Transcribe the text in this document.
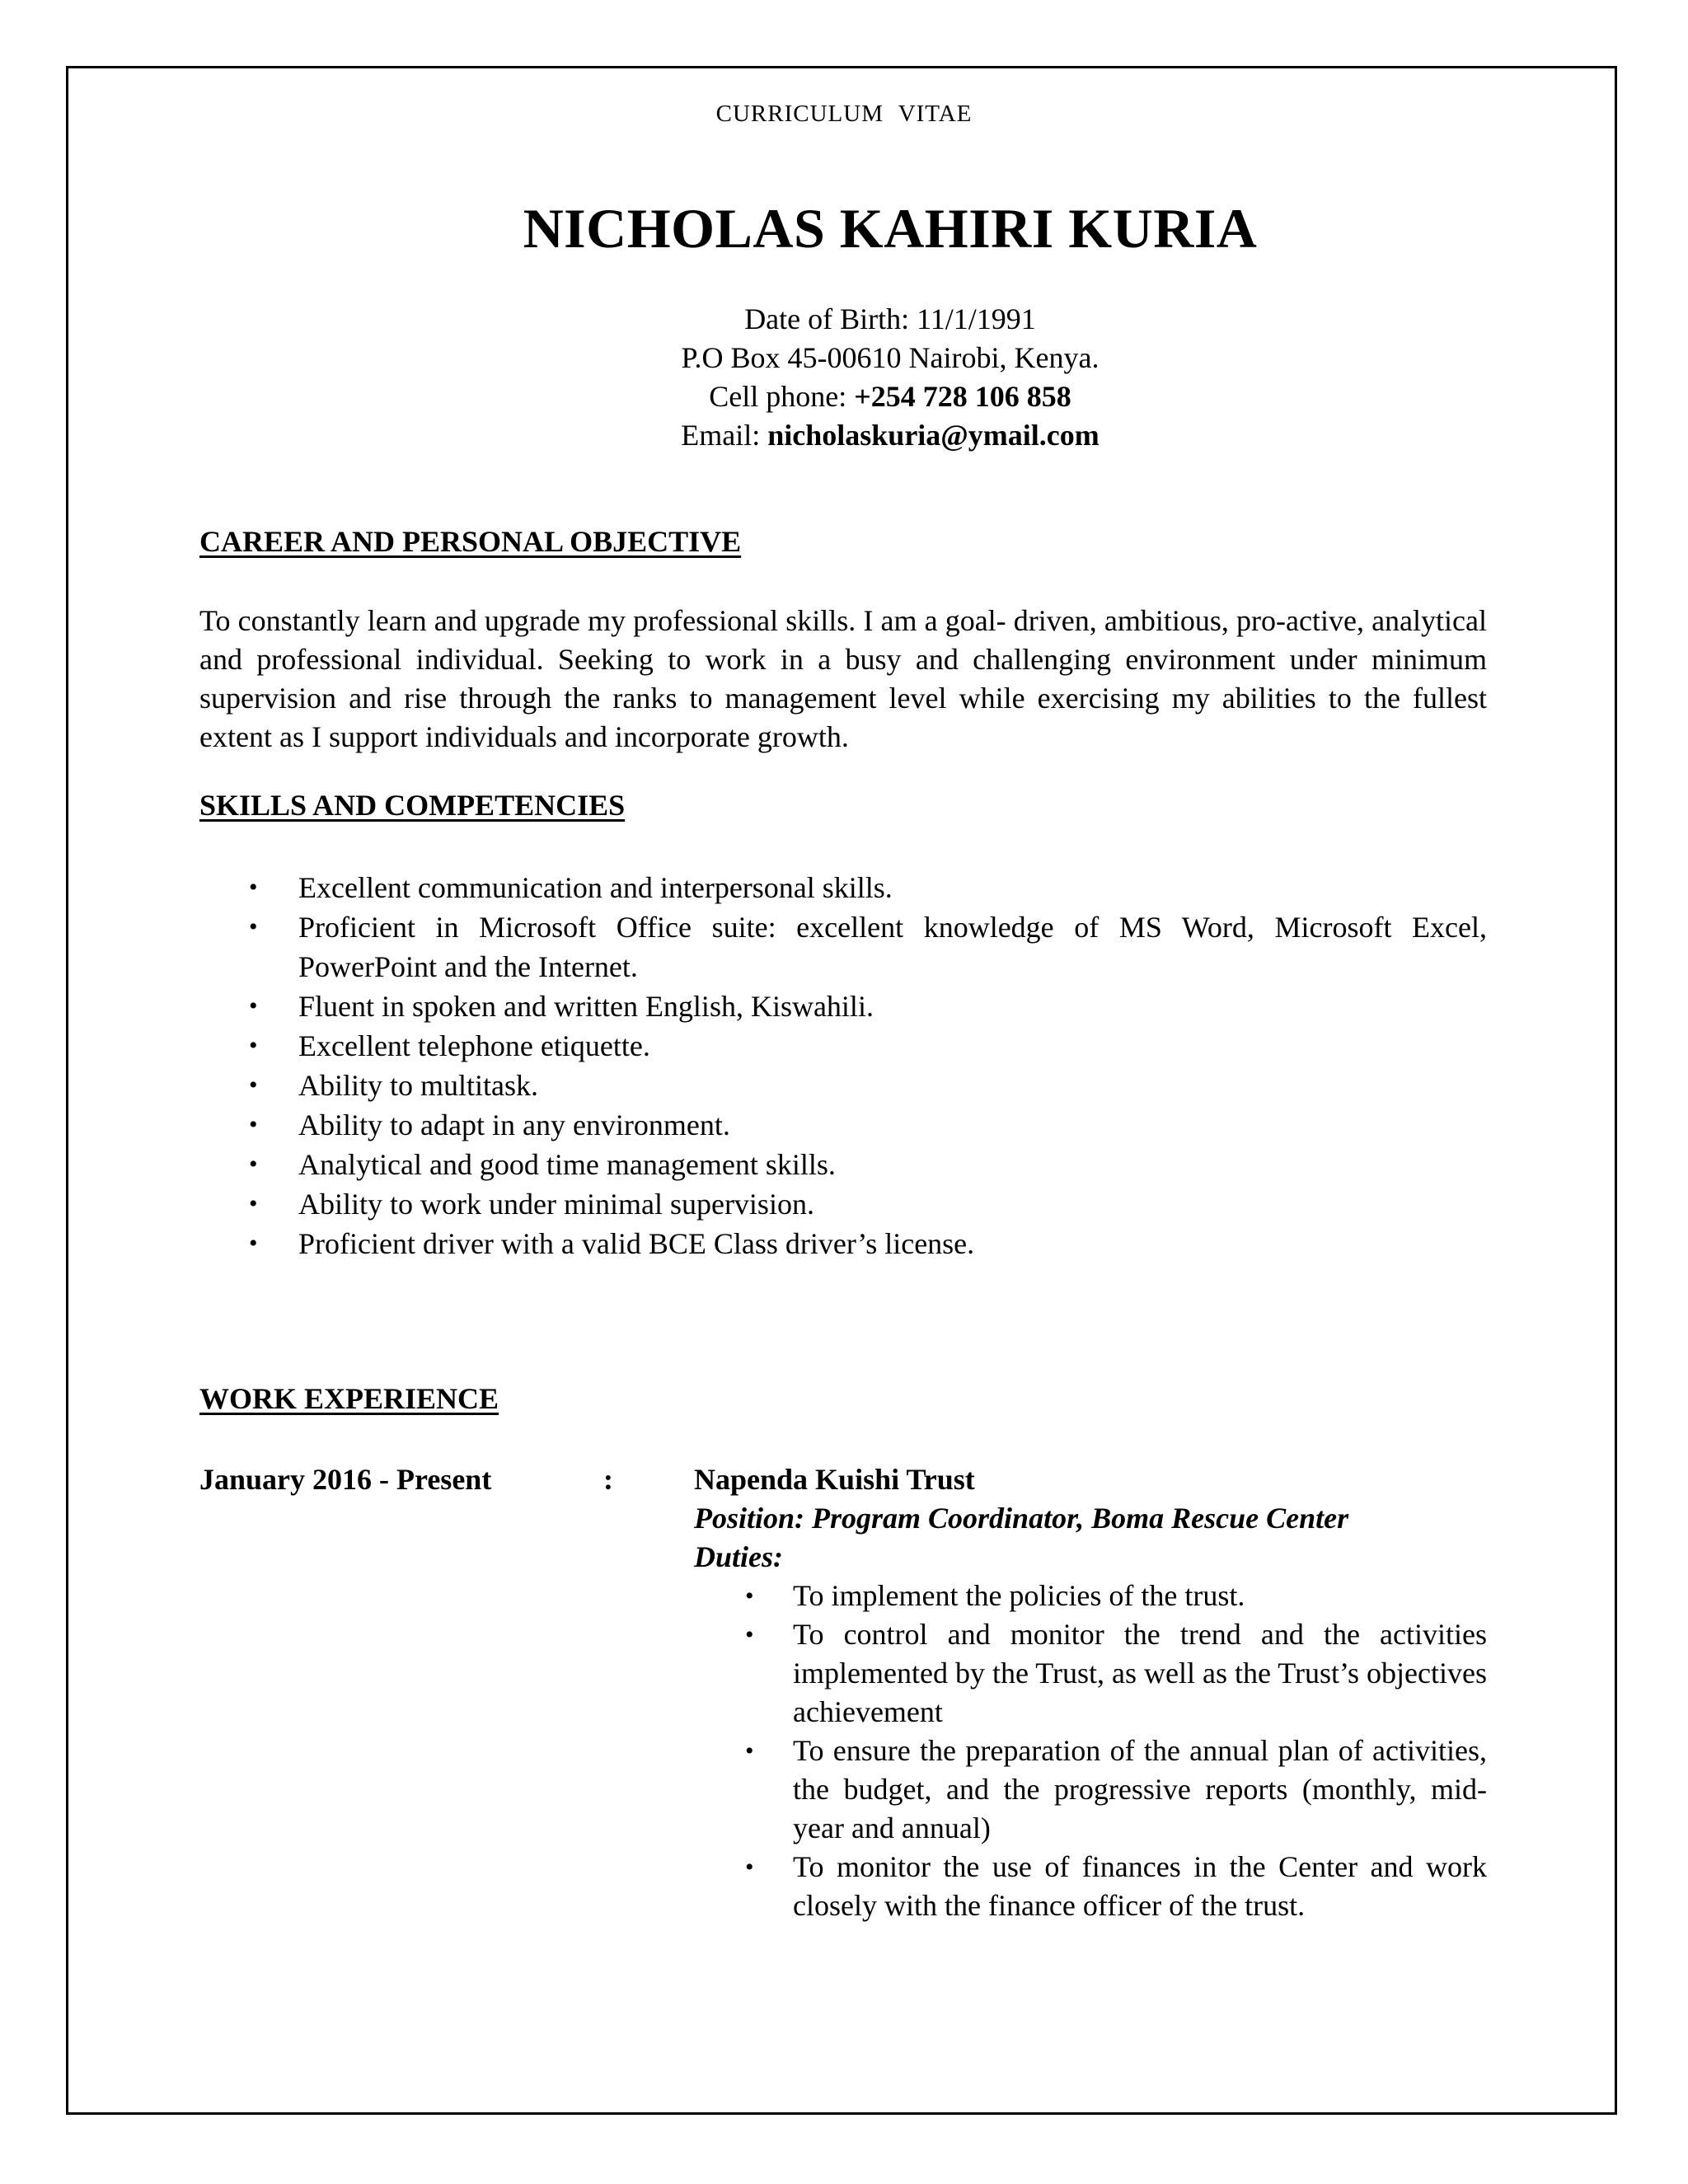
CURRICULUM VITAE
NICHOLAS KAHIRI KURIA
Date of Birth: 11/1/1991
P.O Box 45-00610 Nairobi, Kenya.
Cell phone: +254 728 106 858
Email: nicholaskuria@ymail.com
CAREER AND PERSONAL OBJECTIVE
To constantly learn and upgrade my professional skills. I am a goal- driven, ambitious, pro-active, analytical and professional individual. Seeking to work in a busy and challenging environment under minimum supervision and rise through the ranks to management level while exercising my abilities to the fullest extent as I support individuals and incorporate growth.
SKILLS AND COMPETENCIES
• Excellent communication and interpersonal skills.
• Proficient in Microsoft Office suite: excellent knowledge of MS Word, Microsoft Excel, PowerPoint and the Internet.
• Fluent in spoken and written English, Kiswahili.
• Excellent telephone etiquette.
• Ability to multitask.
• Ability to adapt in any environment.
• Analytical and good time management skills.
• Ability to work under minimal supervision.
• Proficient driver with a valid BCE Class driver’s license.
WORK EXPERIENCE
January 2016 - Present	:	Napenda Kuishi Trust
Position: Program Coordinator, Boma Rescue Center
Duties:
• To implement the policies of the trust.
• To control and monitor the trend and the activities implemented by the Trust, as well as the Trust’s objectives achievement
• To ensure the preparation of the annual plan of activities, the budget, and the progressive reports (monthly, mid-year and annual)
• To monitor the use of finances in the Center and work closely with the finance officer of the trust.
